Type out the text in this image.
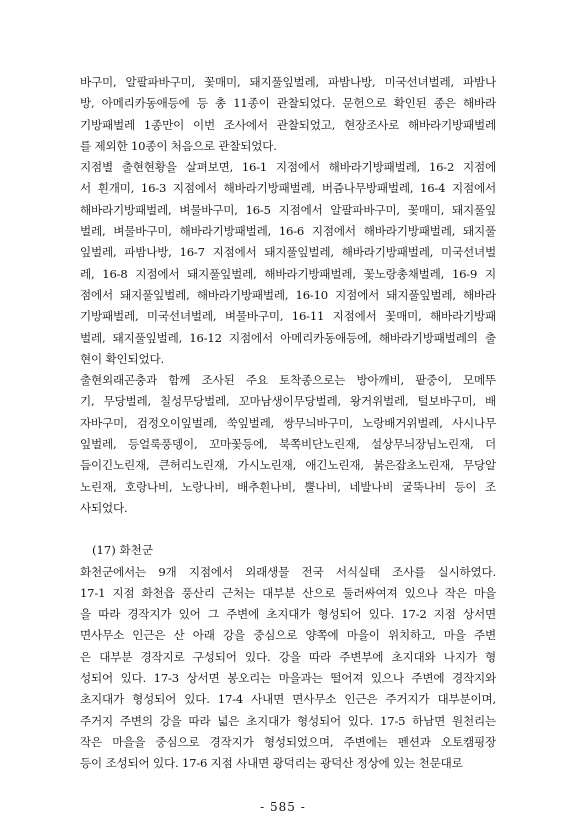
바구미, 알팔파바구미, 꽃매미, 돼지풀잎벌레, 파밤나방, 미국선녀벌레, 파밤나
방, 아메리카동애등에 등 총 11종이 관찰되었다. 문헌으로 확인된 종은 해바라
기방패벌레 1종만이 이번 조사에서 관찰되었고, 현장조사로 해바라기방패벌레
를 제외한 10종이 처음으로 관찰되었다.

지점별 출현현황을 살펴보면, 16-1 지점에서 해바라기방패벌레, 16-2 지점에
서 흰개미, 16-3 지점에서 해바라기방패벌레, 버즘나무방패벌레, 16-4 지점에서
해바라기방패벌레, 벼물바구미, 16-5 지점에서 알팔파바구미, 꽃매미, 돼지풀잎
벌레, 벼물바구미, 해바라기방패벌레, 16-6 지점에서 해바라기방패벌레, 돼지풀
잎벌레, 파밤나방, 16-7 지점에서 돼지풀잎벌레, 해바라기방패벌레, 미국선녀벌
레, 16-8 지점에서 돼지풀잎벌레, 해바라기방패벌레, 꽃노랑총채벌레, 16-9 지
점에서 돼지풀잎벌레, 해바라기방패벌레, 16-10 지점에서 돼지풀잎벌레, 해바라
기방패벌레, 미국선녀벌레, 벼물바구미, 16-11 지점에서 꽃매미, 해바라기방패
벌레, 돼지풀잎벌레, 16-12 지점에서 아메리카동애등에, 해바라기방패벌레의 출
현이 확인되었다.

출현외래곤충과 함께 조사된 주요 토착종으로는 방아깨비, 팥중이, 모메뚜
기, 무당벌레, 칠성무당벌레, 꼬마남생이무당벌레, 왕거위벌레, 털보바구미, 배
자바구미, 검정오이잎벌레, 쑥잎벌레, 쌍무늬바구미, 노랑배거위벌레, 사시나무
잎벌레, 등얼룩풍뎅이, 꼬마꽃등에, 북쪽비단노린재, 설상무늬장님노린재, 더
듬이긴노린재, 큰허리노린재, 가시노린재, 애긴노린재, 붉은잡초노린재, 무당알
노린재, 호랑나비, 노랑나비, 배추흰나비, 뿔나비, 네발나비 굴뚝나비 등이 조
사되었다.

(17) 화천군

화천군에서는 9개 지점에서 외래생물 전국 서식실태 조사를 실시하였다.
17-1 지점 화천읍 풍산리 근처는 대부분 산으로 둘러싸여져 있으나 작은 마을
을 따라 경작지가 있어 그 주변에 초지대가 형성되어 있다. 17-2 지점 상서면
면사무소 인근은 산 아래 강을 중심으로 양쪽에 마을이 위치하고, 마을 주변
은 대부분 경작지로 구성되어 있다. 강을 따라 주변부에 초지대와 나지가 형
성되어 있다. 17-3 상서면 봉오리는 마을과는 떨어져 있으나 주변에 경작지와
초지대가 형성되어 있다. 17-4 사내면 면사무소 인근은 주거지가 대부분이며,
주거지 주변의 강을 따라 넓은 초지대가 형성되어 있다. 17-5 하남면 원천리는
작은 마을을 중심으로 경작지가 형성되었으며, 주변에는 펜션과 오토캠핑장
등이 조성되어 있다. 17-6 지점 사내면 광덕리는 광덕산 정상에 있는 천문대로

- 585 -
